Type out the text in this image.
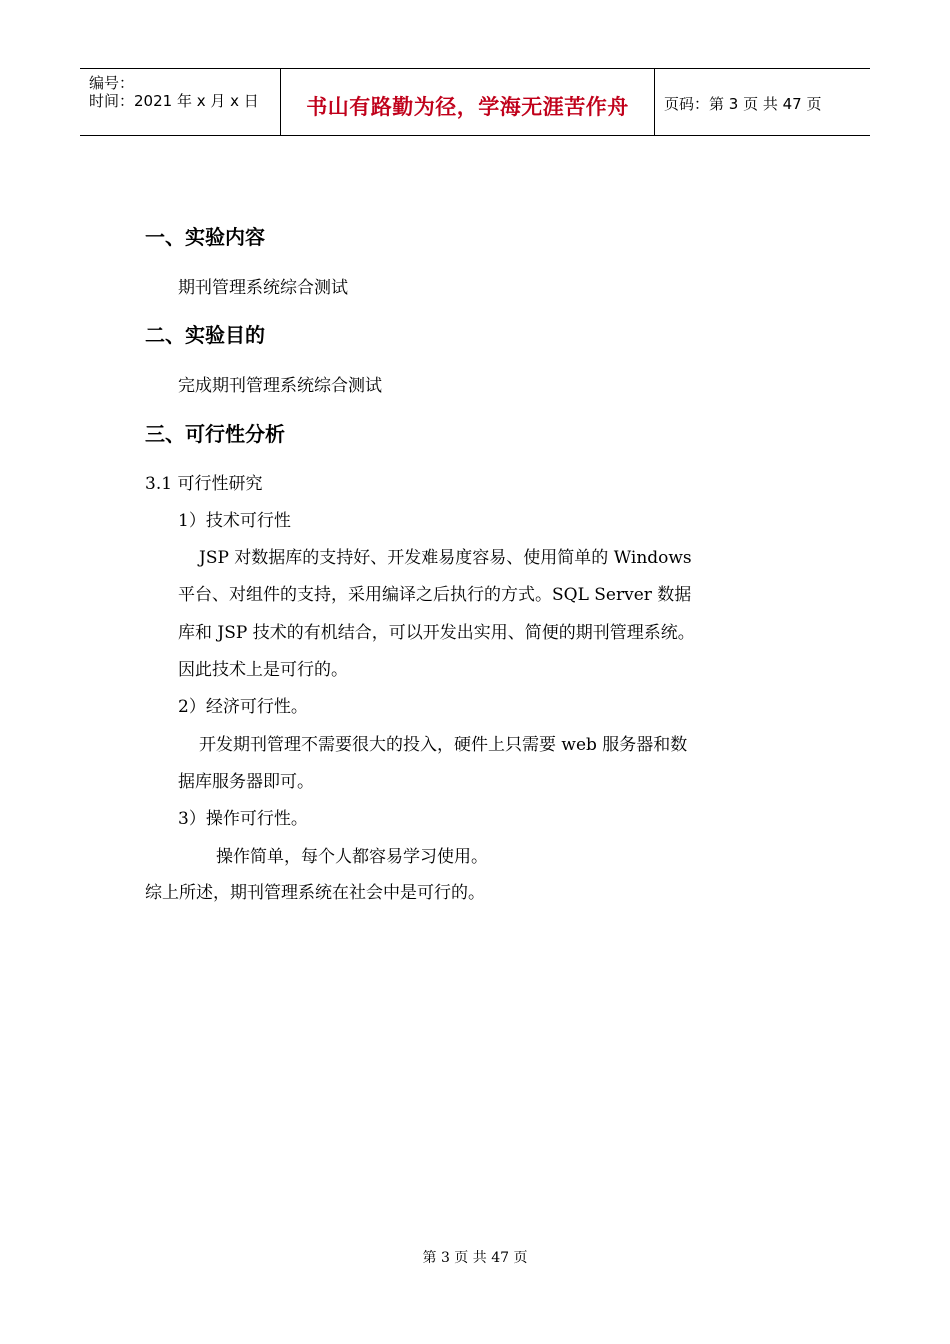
编号：
时间：2021 年 x 月 x 日	书山有路勤为径，学海无涯苦作舟	页码：第 3 页 共 47 页
一、实验内容
期刊管理系统综合测试
二、实验目的
完成期刊管理系统综合测试
三、可行性分析
3.1 可行性研究
1）技术可行性
JSP 对数据库的支持好、开发难易度容易、使用简单的 Windows
平台、对组件的支持，采用编译之后执行的方式。SQL Server 数据
库和 JSP 技术的有机结合，可以开发出实用、简便的期刊管理系统。
因此技术上是可行的。
2）经济可行性。
开发期刊管理不需要很大的投入，硬件上只需要 web 服务器和数
据库服务器即可。
3）操作可行性。
操作简单，每个人都容易学习使用。
综上所述，期刊管理系统在社会中是可行的。
第 3 页 共 47 页
